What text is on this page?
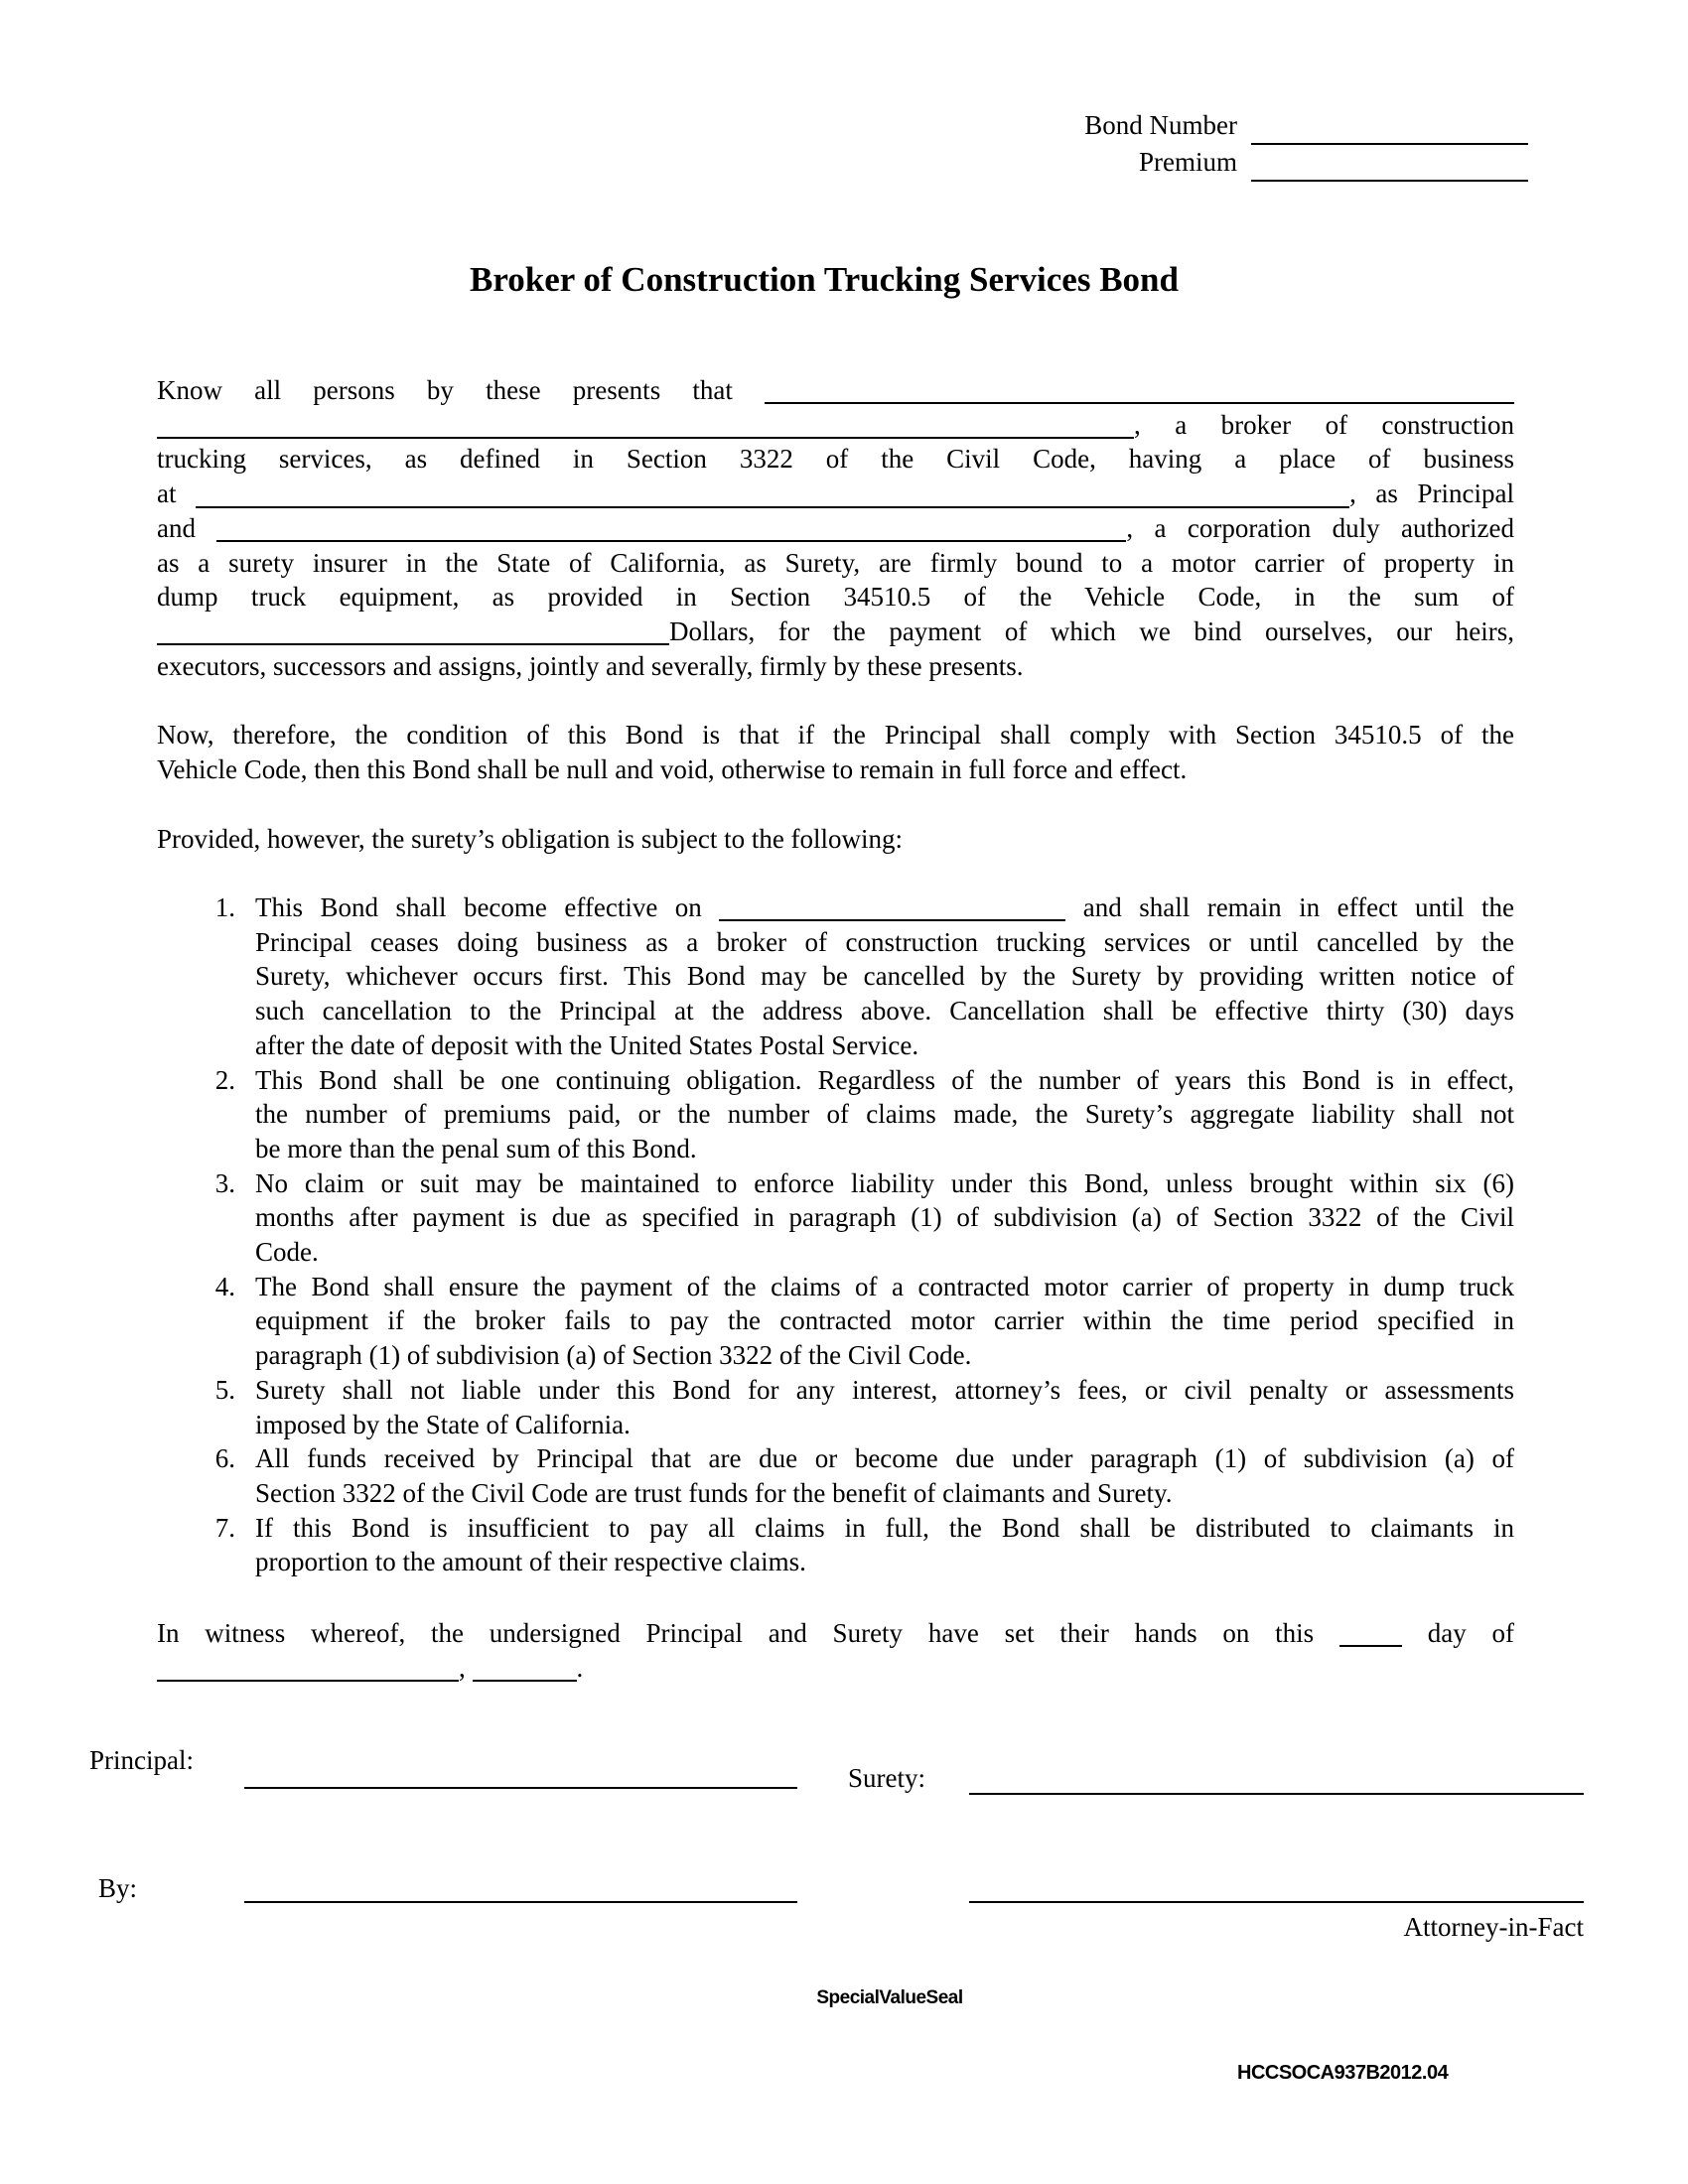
Bond Number
Premium
Broker of Construction Trucking Services Bond
Know all persons by these presents that
, a broker of construction
trucking services, as defined in Section 3322 of the Civil Code, having a place of business
at	, as Principal
and	, a corporation duly authorized
as a surety insurer in the State of California, as Surety, are firmly bound to a motor carrier of property in
dump truck equipment, as provided in Section 34510.5 of the Vehicle Code, in the sum of
Dollars, for the payment of which we bind ourselves, our heirs,
executors, successors and assigns, jointly and severally, firmly by these presents.
Now, therefore, the condition of this Bond is that if the Principal shall comply with Section 34510.5 of the
Vehicle Code, then this Bond shall be null and void, otherwise to remain in full force and effect.
Provided, however, the surety’s obligation is subject to the following:
1. This Bond shall become effective on	and shall remain in effect until the
Principal ceases doing business as a broker of construction trucking services or until cancelled by the
Surety, whichever occurs first. This Bond may be cancelled by the Surety by providing written notice of
such cancellation to the Principal at the address above. Cancellation shall be effective thirty (30) days
after the date of deposit with the United States Postal Service.
2. This Bond shall be one continuing obligation. Regardless of the number of years this Bond is in effect,
the number of premiums paid, or the number of claims made, the Surety’s aggregate liability shall not
be more than the penal sum of this Bond.
3. No claim or suit may be maintained to enforce liability under this Bond, unless brought within six (6)
months after payment is due as specified in paragraph (1) of subdivision (a) of Section 3322 of the Civil
Code.
4. The Bond shall ensure the payment of the claims of a contracted motor carrier of property in dump truck
equipment if the broker fails to pay the contracted motor carrier within the time period specified in
paragraph (1) of subdivision (a) of Section 3322 of the Civil Code.
5. Surety shall not liable under this Bond for any interest, attorney’s fees, or civil penalty or assessments
imposed by the State of California.
6. All funds received by Principal that are due or become due under paragraph (1) of subdivision (a) of
Section 3322 of the Civil Code are trust funds for the benefit of claimants and Surety.
7. If this Bond is insufficient to pay all claims in full, the Bond shall be distributed to claimants in
proportion to the amount of their respective claims.
In witness whereof, the undersigned Principal and Surety have set their hands on this	day of
,	.
Principal:
Surety:
By:
Attorney-in-Fact
SpecialValueSeal
HCCSOCA937B2012.04
